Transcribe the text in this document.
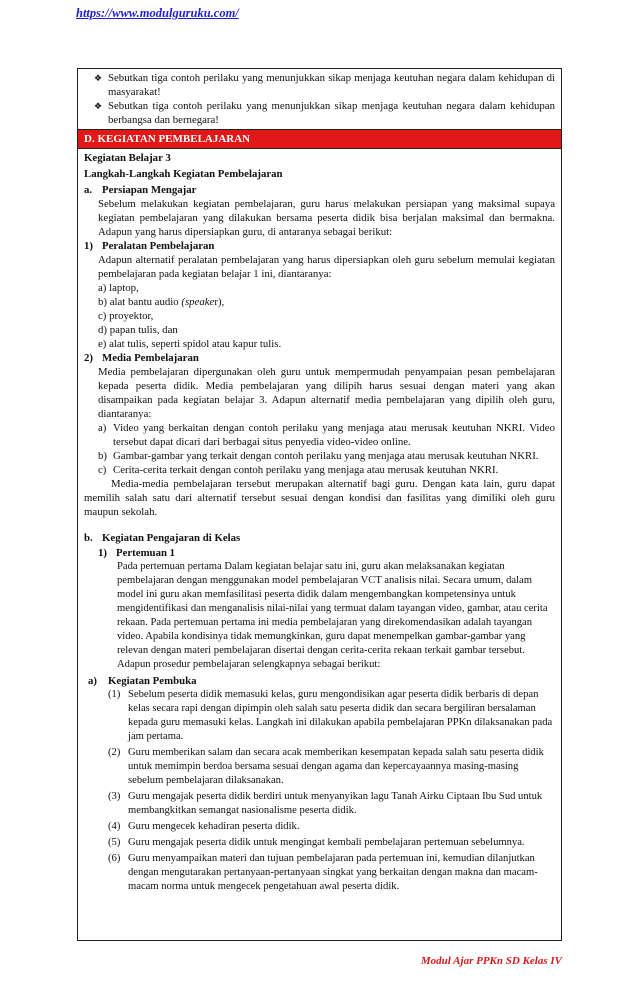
https://www.modulguruku.com/
❖ Sebutkan tiga contoh perilaku yang menunjukkan sikap menjaga keutuhan negara dalam kehidupan di masyarakat!
❖ Sebutkan tiga contoh perilaku yang menunjukkan sikap menjaga keutuhan negara dalam kehidupan berbangsa dan bernegara!
D. KEGIATAN PEMBELAJARAN
Kegiatan Belajar 3
Langkah-Langkah Kegiatan Pembelajaran
a. Persiapan Mengajar
Sebelum melakukan kegiatan pembelajaran, guru harus melakukan persiapan yang maksimal supaya kegiatan pembelajaran yang dilakukan bersama peserta didik bisa berjalan maksimal dan bermakna. Adapun yang harus dipersiapkan guru, di antaranya sebagai berikut:
1) Peralatan Pembelajaran
Adapun alternatif peralatan pembelajaran yang harus dipersiapkan oleh guru sebelum memulai kegiatan pembelajaran pada kegiatan belajar 1 ini, diantaranya:
a) laptop,
b) alat bantu audio (speaker),
c) proyektor,
d) papan tulis, dan
e) alat tulis, seperti spidol atau kapur tulis.
2) Media Pembelajaran
Media pembelajaran dipergunakan oleh guru untuk mempermudah penyampaian pesan pembelajaran kepada peserta didik. Media pembelajaran yang dilipih harus sesuai dengan materi yang akan disampaikan pada kegiatan belajar 3. Adapun alternatif media pembelajaran yang dipilih oleh guru, diantaranya:
a) Video yang berkaitan dengan contoh perilaku yang menjaga atau merusak keutuhan NKRI. Video tersebut dapat dicari dari berbagai situs penyedia video-video online.
b) Gambar-gambar yang terkait dengan contoh perilaku yang menjaga atau merusak keutuhan NKRI.
c) Cerita-cerita terkait dengan contoh perilaku yang menjaga atau merusak keutuhan NKRI.
Media-media pembelajaran tersebut merupakan alternatif bagi guru. Dengan kata lain, guru dapat memilih salah satu dari alternatif tersebut sesuai dengan kondisi dan fasilitas yang dimiliki oleh guru maupun sekolah.
b. Kegiatan Pengajaran di Kelas
1) Pertemuan 1
Pada pertemuan pertama Dalam kegiatan belajar satu ini, guru akan melaksanakan kegiatan pembelajaran dengan menggunakan model pembelajaran VCT analisis nilai. Secara umum, dalam model ini guru akan memfasilitasi peserta didik dalam mengembangkan kompetensinya untuk mengidentifikasi dan menganalisis nilai-nilai yang termuat dalam tayangan video, gambar, atau cerita rekaan. Pada pertemuan pertama ini media pembelajaran yang direkomendasikan adalah tayangan video. Apabila kondisinya tidak memungkinkan, guru dapat menempelkan gambar-gambar yang relevan dengan materi pembelajaran disertai dengan cerita-cerita rekaan terkait gambar tersebut. Adapun prosedur pembelajaran selengkapnya sebagai berikut:
a)	Kegiatan Pembuka
(1) Sebelum peserta didik memasuki kelas, guru mengondisikan agar peserta didik berbaris di depan kelas secara rapi dengan dipimpin oleh salah satu peserta didik dan secara bergiliran bersalaman kepada guru memasuki kelas. Langkah ini dilakukan apabila pembelajaran PPKn dilaksanakan pada jam pertama.
(2) Guru memberikan salam dan secara acak memberikan kesempatan kepada salah satu peserta didik untuk memimpin berdoa bersama sesuai dengan agama dan kepercayaannya masing-masing sebelum pembelajaran dilaksanakan.
(3) Guru mengajak peserta didik berdiri untuk menyanyikan lagu Tanah Airku Ciptaan Ibu Sud untuk membangkitkan semangat nasionalisme peserta didik.
(4) Guru mengecek kehadiran peserta didik.
(5) Guru mengajak peserta didik untuk mengingat kembali pembelajaran pertemuan sebelumnya.
(6) Guru menyampaikan materi dan tujuan pembelajaran pada pertemuan ini, kemudian dilanjutkan dengan mengutarakan pertanyaan-pertanyaan singkat yang berkaitan dengan makna dan macam-macam norma untuk mengecek pengetahuan awal peserta didik.
Modul Ajar PPKn SD Kelas IV
